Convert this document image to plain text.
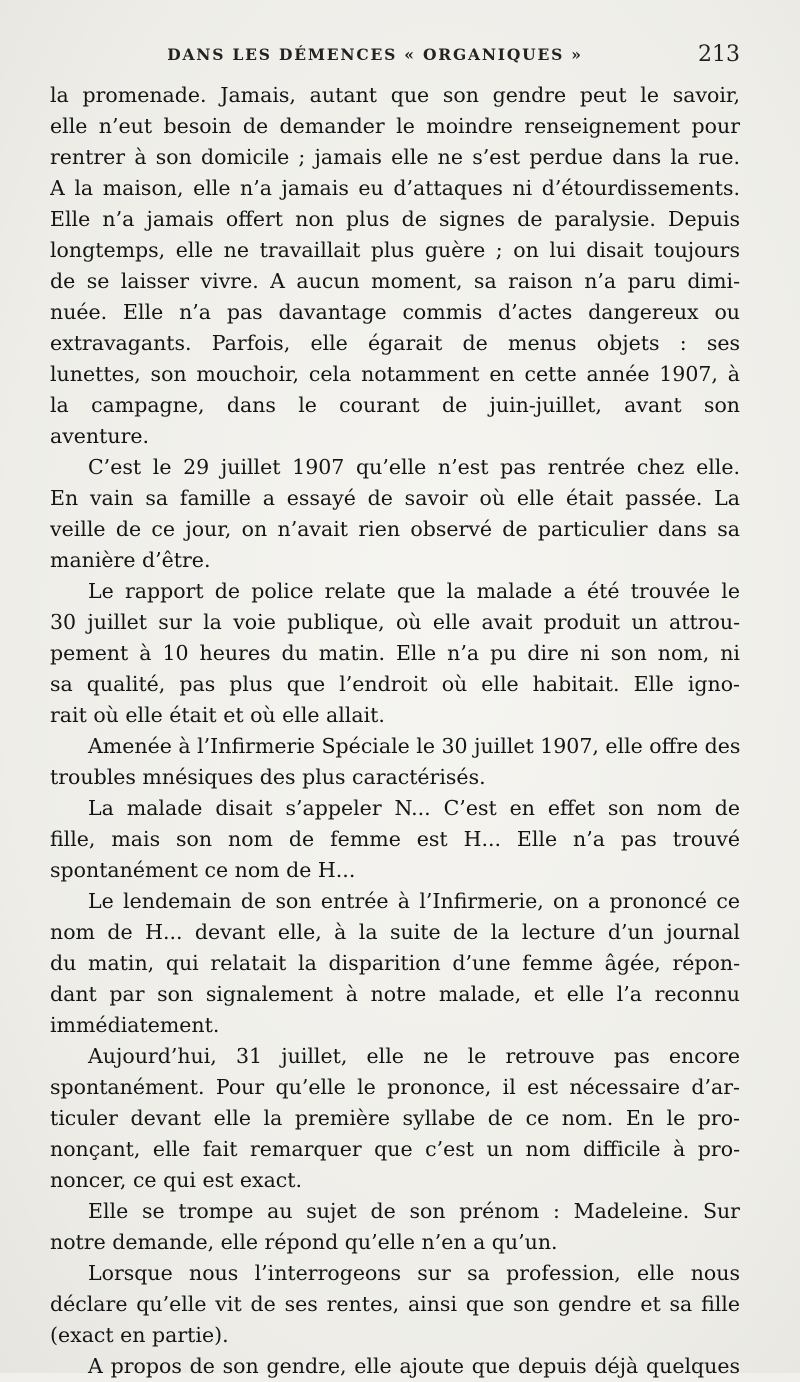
DANS LES DÉMENCES « ORGANIQUES »	213
la promenade. Jamais, autant que son gendre peut le savoir,
elle n’eut besoin de demander le moindre renseignement pour
rentrer à son domicile ; jamais elle ne s’est perdue dans la rue.
A la maison, elle n’a jamais eu d’attaques ni d’étourdissements.
Elle n’a jamais offert non plus de signes de paralysie. Depuis
longtemps, elle ne travaillait plus guère ; on lui disait toujours
de se laisser vivre. A aucun moment, sa raison n’a paru dimi-
nuée. Elle n’a pas davantage commis d’actes dangereux ou
extravagants. Parfois, elle égarait de menus objets : ses
lunettes, son mouchoir, cela notamment en cette année 1907, à
la campagne, dans le courant de juin-juillet, avant son
aventure.
C’est le 29 juillet 1907 qu’elle n’est pas rentrée chez elle.
En vain sa famille a essayé de savoir où elle était passée. La
veille de ce jour, on n’avait rien observé de particulier dans sa
manière d’être.
Le rapport de police relate que la malade a été trouvée le
30 juillet sur la voie publique, où elle avait produit un attrou-
pement à 10 heures du matin. Elle n’a pu dire ni son nom, ni
sa qualité, pas plus que l’endroit où elle habitait. Elle igno-
rait où elle était et où elle allait.
Amenée à l’Infirmerie Spéciale le 30 juillet 1907, elle offre des
troubles mnésiques des plus caractérisés.
La malade disait s’appeler N... C’est en effet son nom de
fille, mais son nom de femme est H... Elle n’a pas trouvé
spontanément ce nom de H...
Le lendemain de son entrée à l’Infirmerie, on a prononcé ce
nom de H... devant elle, à la suite de la lecture d’un journal
du matin, qui relatait la disparition d’une femme âgée, répon-
dant par son signalement à notre malade, et elle l’a reconnu
immédiatement.
Aujourd’hui, 31 juillet, elle ne le retrouve pas encore
spontanément. Pour qu’elle le prononce, il est nécessaire d’ar-
ticuler devant elle la première syllabe de ce nom. En le pro-
nonçant, elle fait remarquer que c’est un nom difficile à pro-
noncer, ce qui est exact.
Elle se trompe au sujet de son prénom : Madeleine. Sur
notre demande, elle répond qu’elle n’en a qu’un.
Lorsque nous l’interrogeons sur sa profession, elle nous
déclare qu’elle vit de ses rentes, ainsi que son gendre et sa fille
(exact en partie).
A propos de son gendre, elle ajoute que depuis déjà quelques
